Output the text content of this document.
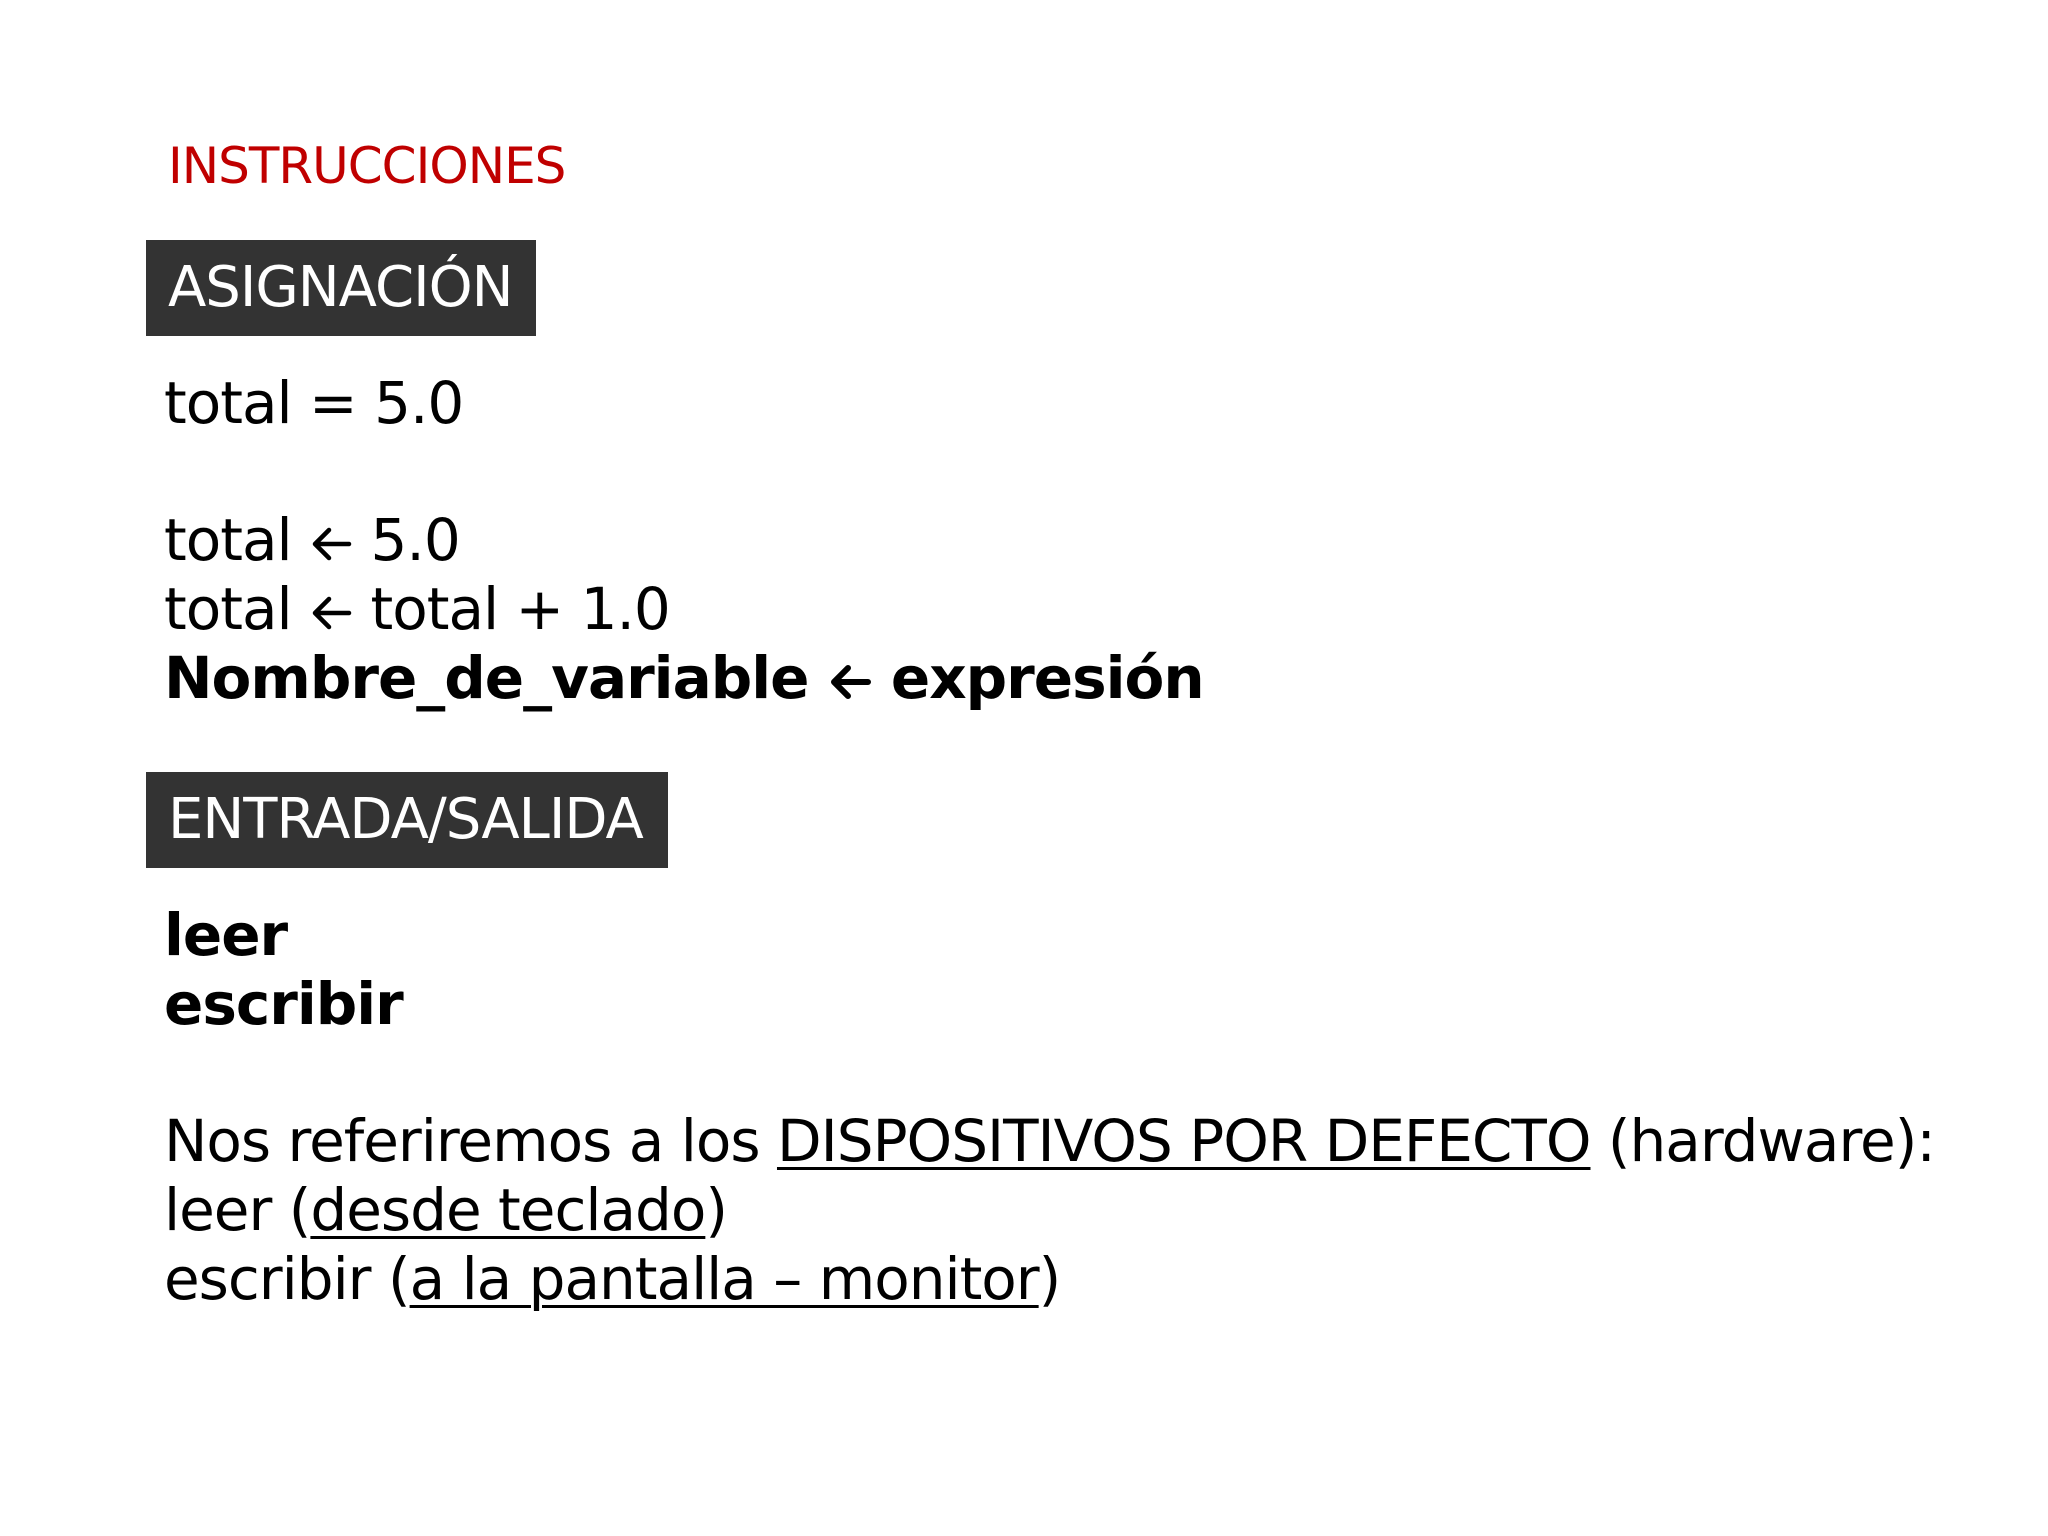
INSTRUCCIONES
ASIGNACIÓN
total = 5.0
total 5.0
total total + 1.0
Nombre_de_variable expresión
ENTRADA/SALIDA
leer
escribir
Nos referiremos a los DISPOSITIVOS POR DEFECTO (hardware):
leer (desde teclado)
escribir (a la pantalla – monitor)
